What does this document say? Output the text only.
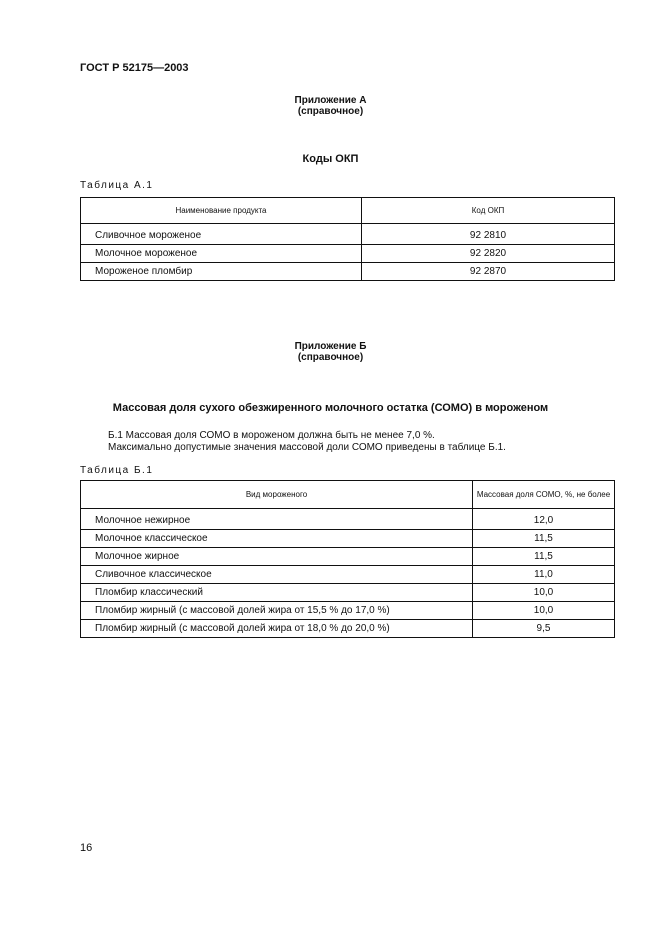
ГОСТ Р 52175—2003
Приложение А
(справочное)
Коды ОКП
Таблица А.1
Наименование продукта	Код ОКП
Сливочное мороженое	92 2810
Молочное мороженое	92 2820
Мороженое пломбир	92 2870
Приложение Б
(справочное)
Массовая доля сухого обезжиренного молочного остатка (СОМО) в мороженом
Б.1 Массовая доля СОМО в мороженом должна быть не менее 7,0 %.
Максимально допустимые значения массовой доли СОМО приведены в таблице Б.1.
Таблица Б.1
Вид мороженого	Массовая доля СОМО, %, не более
Молочное нежирное	12,0
Молочное классическое	11,5
Молочное жирное	11,5
Сливочное классическое	11,0
Пломбир классический	10,0
Пломбир жирный (с массовой долей жира от 15,5 % до 17,0 %)	10,0
Пломбир жирный (с массовой долей жира от 18,0 % до 20,0 %)	9,5
16
